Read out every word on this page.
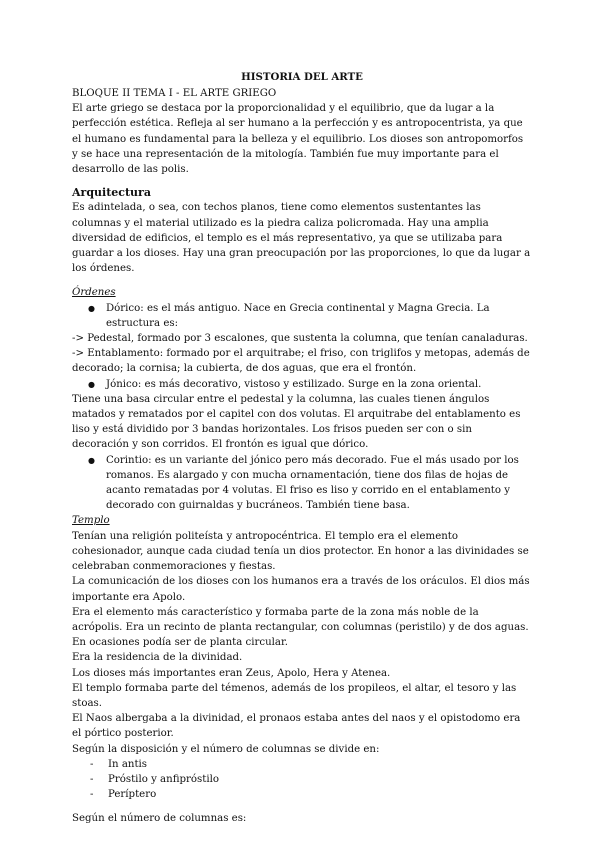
HISTORIA DEL ARTE

BLOQUE II TEMA I - EL ARTE GRIEGO

El arte griego se destaca por la proporcionalidad y el equilibrio, que da lugar a la perfección estética. Refleja al ser humano a la perfección y es antropocentrista, ya que el humano es fundamental para la belleza y el equilibrio. Los dioses son antropomorfos y se hace una representación de la mitología. También fue muy importante para el desarrollo de las polis.

Arquitectura

Es adintelada, o sea, con techos planos, tiene como elementos sustentantes las columnas y el material utilizado es la piedra caliza policromada. Hay una amplia diversidad de edificios, el templo es el más representativo, ya que se utilizaba para guardar a los dioses. Hay una gran preocupación por las proporciones, lo que da lugar a los órdenes.

Órdenes

● Dórico: es el más antiguo. Nace en Grecia continental y Magna Grecia. La estructura es:

-> Pedestal, formado por 3 escalones, que sustenta la columna, que tenían canaladuras.

-> Entablamento: formado por el arquitrabe; el friso, con triglifos y metopas, además de decorado; la cornisa; la cubierta, de dos aguas, que era el frontón.

● Jónico: es más decorativo, vistoso y estilizado. Surge en la zona oriental.

Tiene una basa circular entre el pedestal y la columna, las cuales tienen ángulos matados y rematados por el capitel con dos volutas. El arquitrabe del entablamento es liso y está dividido por 3 bandas horizontales. Los frisos pueden ser con o sin decoración y son corridos. El frontón es igual que dórico.

● Corintio: es un variante del jónico pero más decorado. Fue el más usado por los romanos. Es alargado y con mucha ornamentación, tiene dos filas de hojas de acanto rematadas por 4 volutas. El friso es liso y corrido en el entablamento y decorado con guirnaldas y bucráneos. También tiene basa.

Templo

Tenían una religión politeísta y antropocéntrica. El templo era el elemento cohesionador, aunque cada ciudad tenía un dios protector. En honor a las divinidades se celebraban conmemoraciones y fiestas.

La comunicación de los dioses con los humanos era a través de los oráculos. El dios más importante era Apolo.

Era el elemento más característico y formaba parte de la zona más noble de la acrópolis. Era un recinto de planta rectangular, con columnas (peristilo) y de dos aguas. En ocasiones podía ser de planta circular.

Era la residencia de la divinidad.

Los dioses más importantes eran Zeus, Apolo, Hera y Atenea.

El templo formaba parte del témenos, además de los propileos, el altar, el tesoro y las stoas.

El Naos albergaba a la divinidad, el pronaos estaba antes del naos y el opistodomo era el pórtico posterior.

Según la disposición y el número de columnas se divide en:

- In antis
- Próstilo y anfipróstilo
- Períptero

Según el número de columnas es:
